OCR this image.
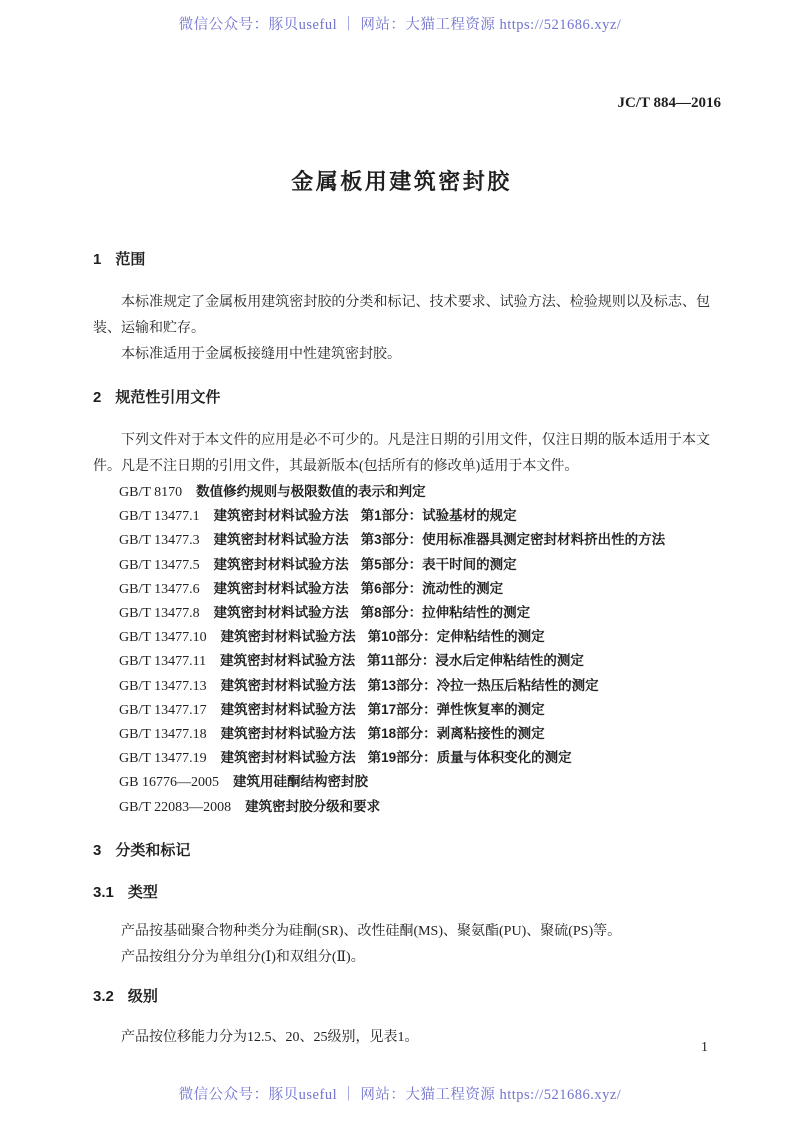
微信公众号：豚贝useful ｜ 网站：大猫工程资源 https://521686.xyz/
JC/T 884—2016
金属板用建筑密封胶
1 范围

本标准规定了金属板用建筑密封胶的分类和标记、技术要求、试验方法、检验规则以及标志、包装、运输和贮存。

本标准适用于金属板接缝用中性建筑密封胶。

2 规范性引用文件

下列文件对于本文件的应用是必不可少的。凡是注日期的引用文件，仅注日期的版本适用于本文件。凡是不注日期的引用文件，其最新版本(包括所有的修改单)适用于本文件。

GB/T 8170 数值修约规则与极限数值的表示和判定
GB/T 13477.1 建筑密封材料试验方法 第1部分：试验基材的规定
GB/T 13477.3 建筑密封材料试验方法 第3部分：使用标准器具测定密封材料挤出性的方法
GB/T 13477.5 建筑密封材料试验方法 第5部分：表干时间的测定
GB/T 13477.6 建筑密封材料试验方法 第6部分：流动性的测定
GB/T 13477.8 建筑密封材料试验方法 第8部分：拉伸粘结性的测定
GB/T 13477.10 建筑密封材料试验方法 第10部分：定伸粘结性的测定
GB/T 13477.11 建筑密封材料试验方法 第11部分：浸水后定伸粘结性的测定
GB/T 13477.13 建筑密封材料试验方法 第13部分：冷拉一热压后粘结性的测定
GB/T 13477.17 建筑密封材料试验方法 第17部分：弹性恢复率的测定
GB/T 13477.18 建筑密封材料试验方法 第18部分：剥离粘接性的测定
GB/T 13477.19 建筑密封材料试验方法 第19部分：质量与体积变化的测定
GB 16776—2005 建筑用硅酮结构密封胶
GB/T 22083—2008 建筑密封胶分级和要求
3 分类和标记
3.1 类型

产品按基础聚合物种类分为硅酮(SR)、改性硅酮(MS)、聚氨酯(PU)、聚硫(PS)等。

产品按组分分为单组分(Ⅰ)和双组分(Ⅱ)。

3.2 级别

产品按位移能力分为12.5、20、25级别，见表1。

1
微信公众号：豚贝useful ｜ 网站：大猫工程资源 https://521686.xyz/
